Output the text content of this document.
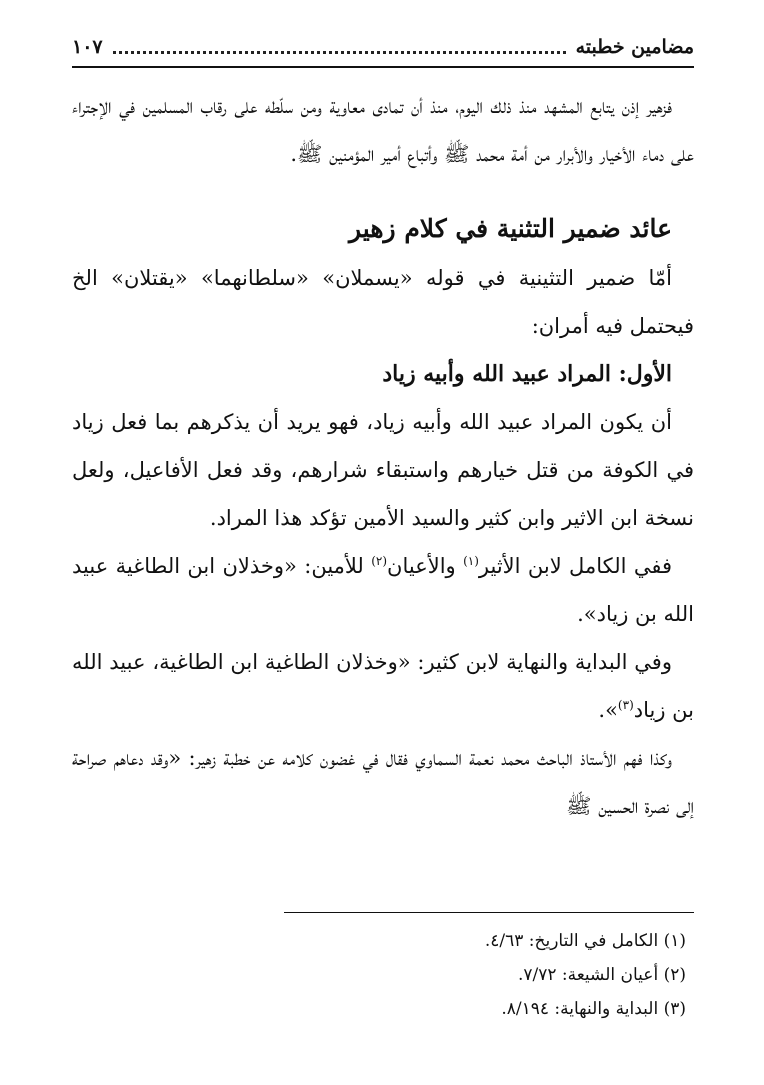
مضامين خطبته
١٠٧

فزهير إذن يتابع المشهد منذ ذلك اليوم، منذ أن تمادى معاوية ومن سلّطه على رقاب المسلمين في الإجتراء على دماء الأخيار والأبرار من أمة محمد ﷺ وأتباع أمير المؤمنين ﷺ.

عائد ضمير التثنية في كلام زهير

أمّا ضمير التثينية في قوله «يسملان» «سلطانهما» «يقتلان» الخ فيحتمل فيه أمران:

الأول: المراد عبيد الله وأبيه زياد

أن يكون المراد عبيد الله وأبيه زياد، فهو يريد أن يذكرهم بما فعل زياد في الكوفة من قتل خيارهم واستبقاء شرارهم، وقد فعل الأفاعيل، ولعل نسخة ابن الاثير وابن كثير والسيد الأمين تؤكد هذا المراد.

ففي الكامل لابن الأثير$^{(١)}$ والأعيان$^{(٢)}$ للأمين: «وخذلان ابن الطاغية عبيد الله بن زياد».

وفي البداية والنهاية لابن كثير: «وخذلان الطاغية ابن الطاغية، عبيد الله بن زياد$^{(٣)}$».

وكذا فهم الأستاذ الباحث محمد نعمة السماوي فقال في غضون كلامه عن خطبة زهير: «وقد دعاهم صراحة إلى نصرة الحسين ﷺ

(١) الكامل في التاريخ: ٤/٦٣.
(٢) أعيان الشيعة: ٧/٧٢.
(٣) البداية والنهاية: ٨/١٩٤.
